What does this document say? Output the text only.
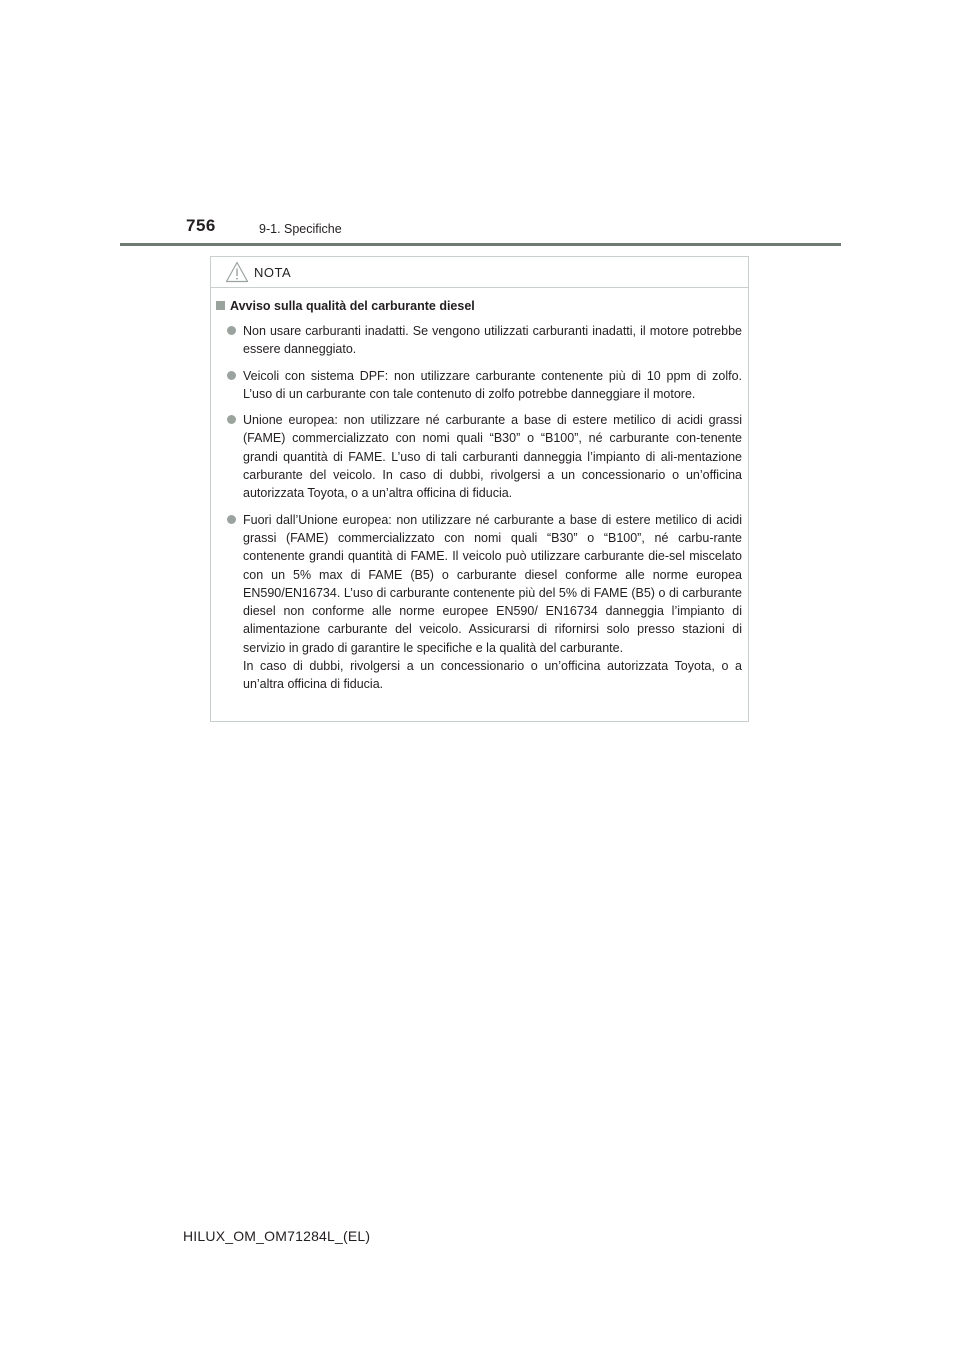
756	9-1. Specifiche
NOTA
Avviso sulla qualità del carburante diesel

Non usare carburanti inadatti. Se vengono utilizzati carburanti inadatti, il motore potrebbe essere danneggiato.

Veicoli con sistema DPF: non utilizzare carburante contenente più di 10 ppm di zolfo. L’uso di un carburante con tale contenuto di zolfo potrebbe danneggiare il motore.

Unione europea: non utilizzare né carburante a base di estere metilico di acidi grassi (FAME) commercializzato con nomi quali “B30” o “B100”, né carburante con-tenente grandi quantità di FAME. L’uso di tali carburanti danneggia l’impianto di ali-mentazione carburante del veicolo. In caso di dubbi, rivolgersi a un concessionario o un’officina autorizzata Toyota, o a un’altra officina di fiducia.

Fuori dall’Unione europea: non utilizzare né carburante a base di estere metilico di acidi grassi (FAME) commercializzato con nomi quali “B30” o “B100”, né carbu-rante contenente grandi quantità di FAME. Il veicolo può utilizzare carburante die-sel miscelato con un 5% max di FAME (B5) o carburante diesel conforme alle norme europea EN590/EN16734. L’uso di carburante contenente più del 5% di FAME (B5) o di carburante diesel non conforme alle norme europee EN590/ EN16734 danneggia l’impianto di alimentazione carburante del veicolo. Assicurarsi di rifornirsi solo presso stazioni di servizio in grado di garantire le specifiche e la qualità del carburante.

In caso di dubbi, rivolgersi a un concessionario o un’officina autorizzata Toyota, o a un’altra officina di fiducia.

HILUX_OM_OM71284L_(EL)
